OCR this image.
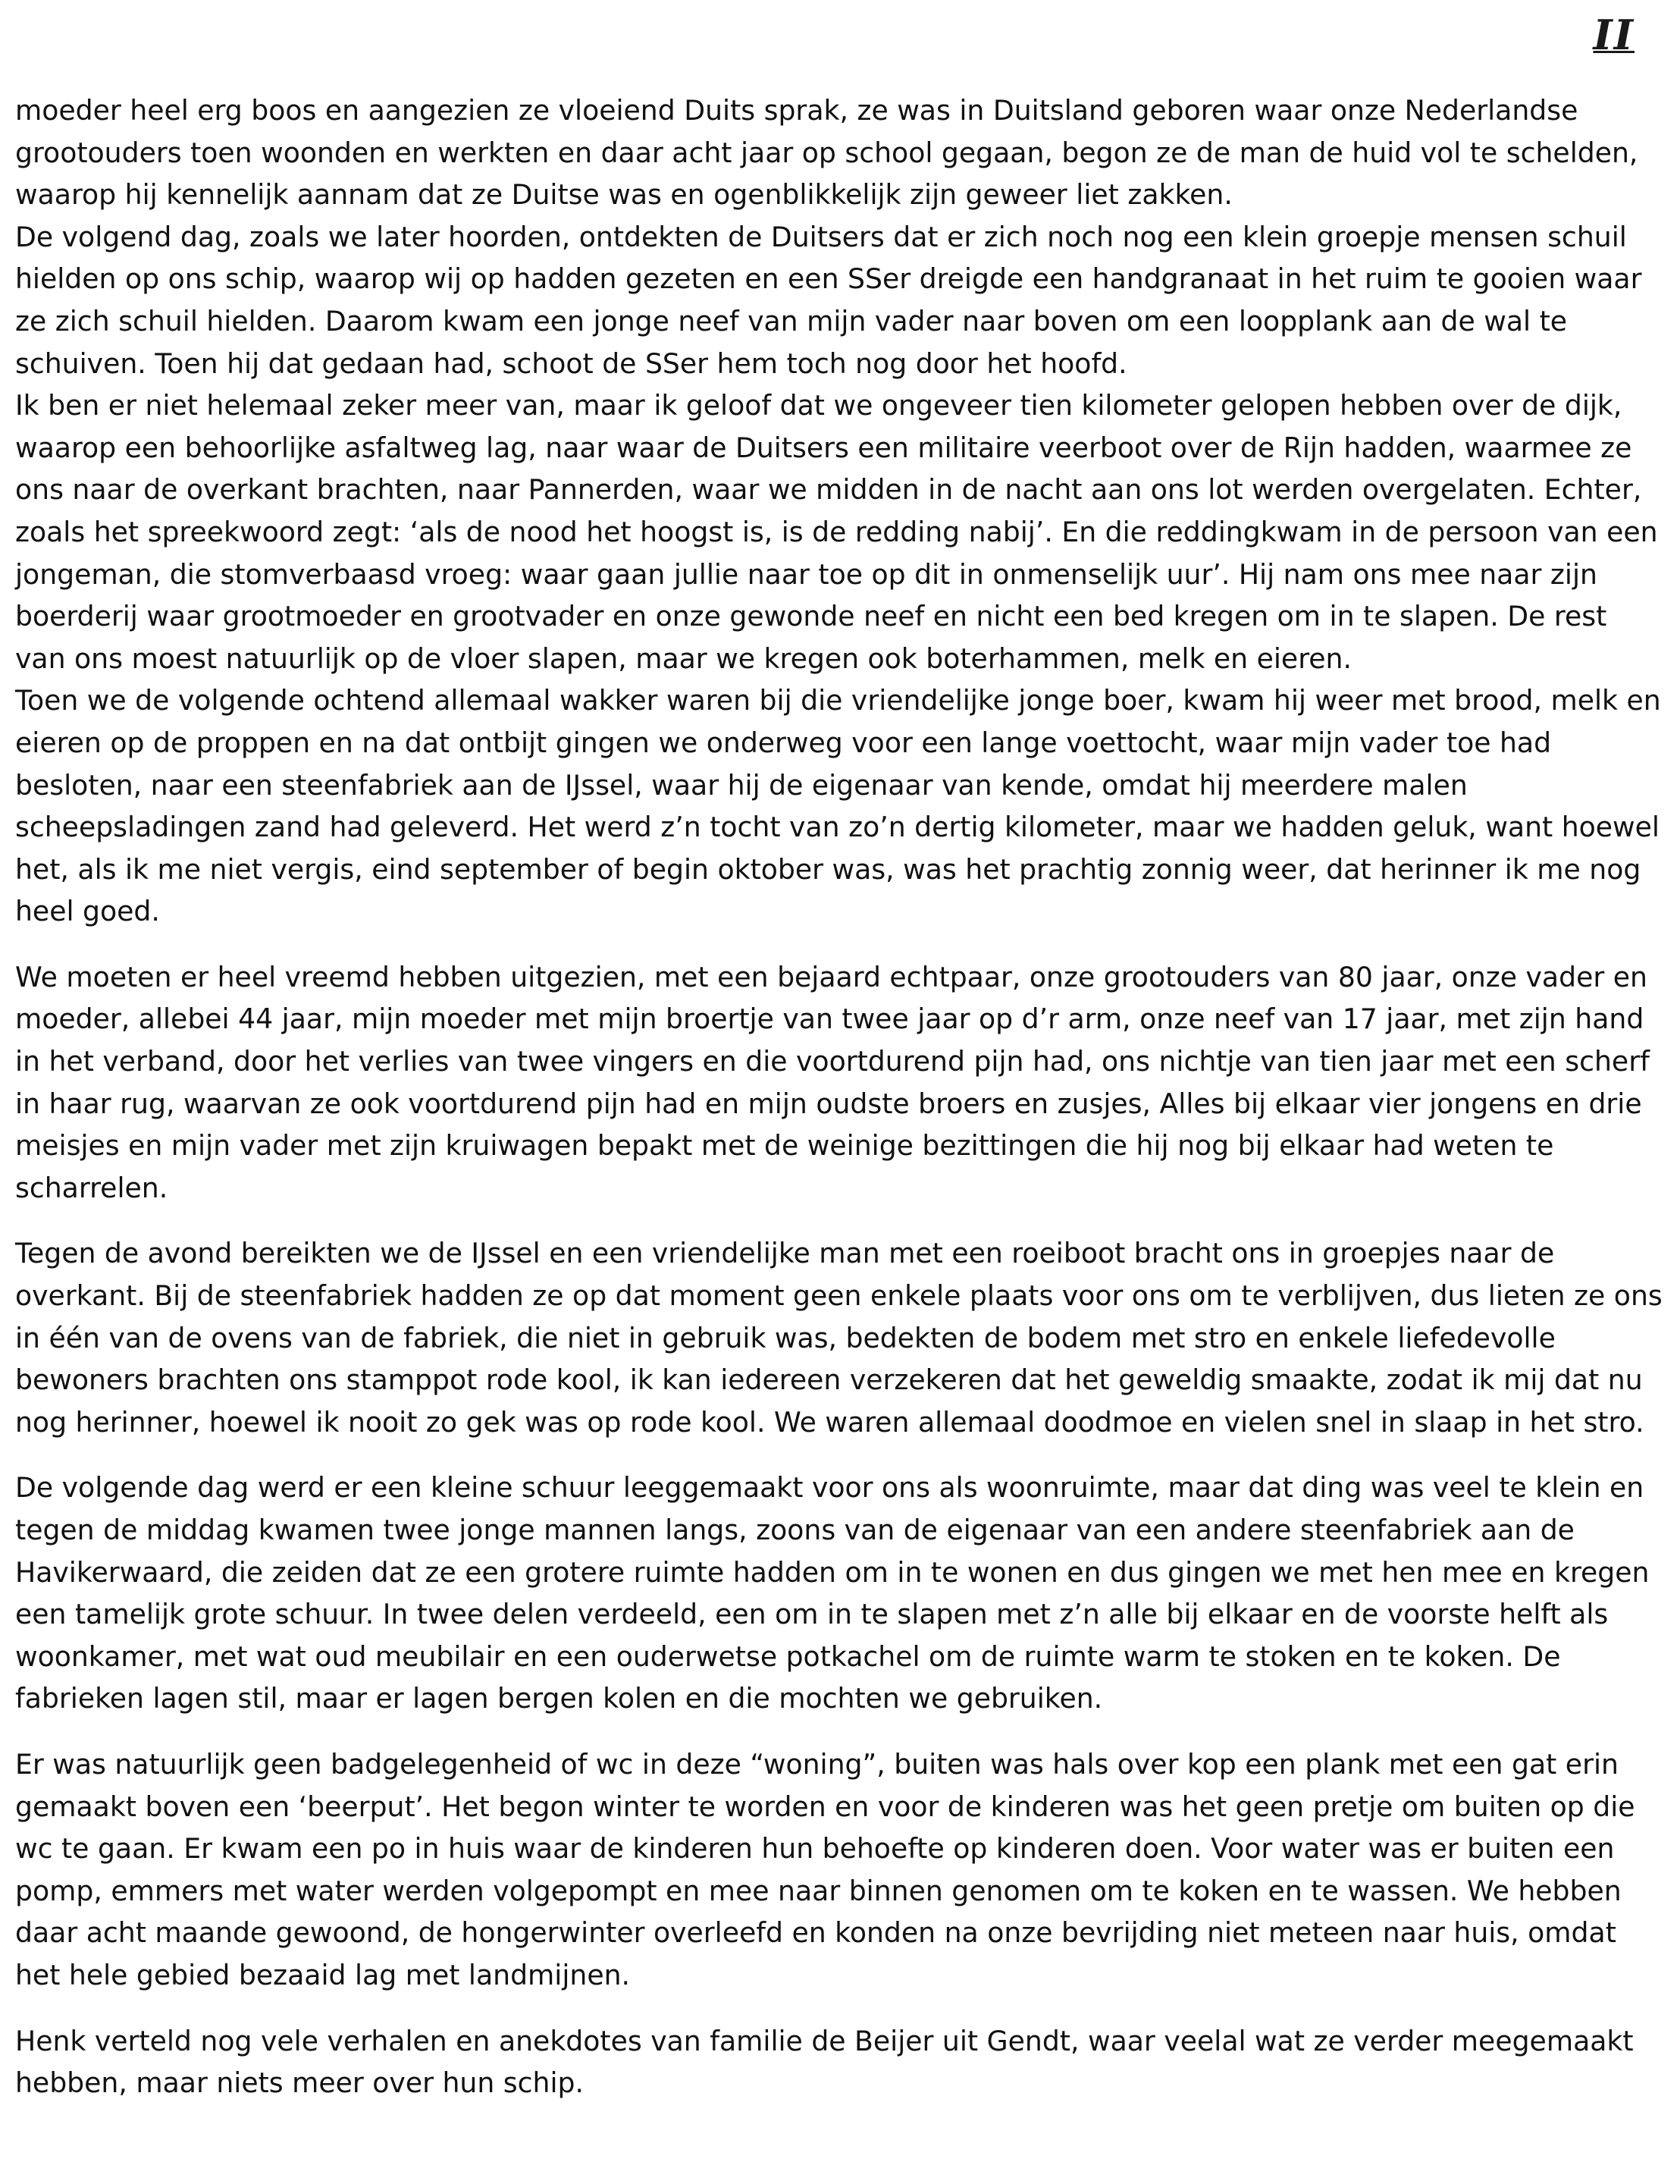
II

moeder heel erg boos en aangezien ze vloeiend Duits sprak, ze was in Duitsland geboren waar onze Nederlandse grootouders toen woonden en werkten en daar acht jaar op school gegaan, begon ze de man de huid vol te schelden, waarop hij kennelijk aannam dat ze Duitse was en ogenblikkelijk zijn geweer liet zakken.

De volgend dag, zoals we later hoorden, ontdekten de Duitsers dat er zich noch nog een klein groepje mensen schuil hielden op ons schip, waarop wij op hadden gezeten en een SSer dreigde een handgranaat in het ruim te gooien waar ze zich schuil hielden. Daarom kwam een jonge neef van mijn vader naar boven om een loopplank aan de wal te schuiven. Toen hij dat gedaan had, schoot de SSer hem toch nog door het hoofd.

Ik ben er niet helemaal zeker meer van, maar ik geloof dat we ongeveer tien kilometer gelopen hebben over de dijk, waarop een behoorlijke asfaltweg lag, naar waar de Duitsers een militaire veerboot over de Rijn hadden, waarmee ze ons naar de overkant brachten, naar Pannerden, waar we midden in de nacht aan ons lot werden overgelaten. Echter, zoals het spreekwoord zegt: ‘als de nood het hoogst is, is de redding nabij’. En die reddingkwam in de persoon van een jongeman, die stomverbaasd vroeg: waar gaan jullie naar toe op dit in onmenselijk uur’. Hij nam ons mee naar zijn boerderij waar grootmoeder en grootvader en onze gewonde neef en nicht een bed kregen om in te slapen. De rest van ons moest natuurlijk op de vloer slapen, maar we kregen ook boterhammen, melk en eieren.

Toen we de volgende ochtend allemaal wakker waren bij die vriendelijke jonge boer, kwam hij weer met brood, melk en eieren op de proppen en na dat ontbijt gingen we onderweg voor een lange voettocht, waar mijn vader toe had besloten, naar een steenfabriek aan de IJssel, waar hij de eigenaar van kende, omdat hij meerdere malen scheepsladingen zand had geleverd. Het werd z’n tocht van zo’n dertig kilometer, maar we hadden geluk, want hoewel het, als ik me niet vergis, eind september of begin oktober was, was het prachtig zonnig weer, dat herinner ik me nog heel goed.

We moeten er heel vreemd hebben uitgezien, met een bejaard echtpaar, onze grootouders van 80 jaar, onze vader en moeder, allebei 44 jaar, mijn moeder met mijn broertje van twee jaar op d’r arm, onze neef van 17 jaar, met zijn hand in het verband, door het verlies van twee vingers en die voortdurend pijn had, ons nichtje van tien jaar met een scherf in haar rug, waarvan ze ook voortdurend pijn had en mijn oudste broers en zusjes, Alles bij elkaar vier jongens en drie meisjes en mijn vader met zijn kruiwagen bepakt met de weinige bezittingen die hij nog bij elkaar had weten te scharrelen.

Tegen de avond bereikten we de IJssel en een vriendelijke man met een roeiboot bracht ons in groepjes naar de overkant. Bij de steenfabriek hadden ze op dat moment geen enkele plaats voor ons om te verblijven, dus lieten ze ons in één van de ovens van de fabriek, die niet in gebruik was, bedekten de bodem met stro en enkele liefedevolle bewoners brachten ons stamppot rode kool, ik kan iedereen verzekeren dat het geweldig smaakte, zodat ik mij dat nu nog herinner, hoewel ik nooit zo gek was op rode kool. We waren allemaal doodmoe en vielen snel in slaap in het stro.

De volgende dag werd er een kleine schuur leeggemaakt voor ons als woonruimte, maar dat ding was veel te klein en tegen de middag kwamen twee jonge mannen langs, zoons van de eigenaar van een andere steenfabriek aan de Havikerwaard, die zeiden dat ze een grotere ruimte hadden om in te wonen en dus gingen we met hen mee en kregen een tamelijk grote schuur. In twee delen verdeeld, een om in te slapen met z’n alle bij elkaar en de voorste helft als woonkamer, met wat oud meubilair en een ouderwetse potkachel om de ruimte warm te stoken en te koken. De fabrieken lagen stil, maar er lagen bergen kolen en die mochten we gebruiken.

Er was natuurlijk geen badgelegenheid of wc in deze “woning”, buiten was hals over kop een plank met een gat erin gemaakt boven een ‘beerput’. Het begon winter te worden en voor de kinderen was het geen pretje om buiten op die wc te gaan. Er kwam een po in huis waar de kinderen hun behoefte op kinderen doen. Voor water was er buiten een pomp, emmers met water werden volgepompt en mee naar binnen genomen om te koken en te wassen. We hebben daar acht maande gewoond, de hongerwinter overleefd en konden na onze bevrijding niet meteen naar huis, omdat het hele gebied bezaaid lag met landmijnen.

Henk verteld nog vele verhalen en anekdotes van familie de Beijer uit Gendt, waar veelal wat ze verder meegemaakt hebben, maar niets meer over hun schip.
